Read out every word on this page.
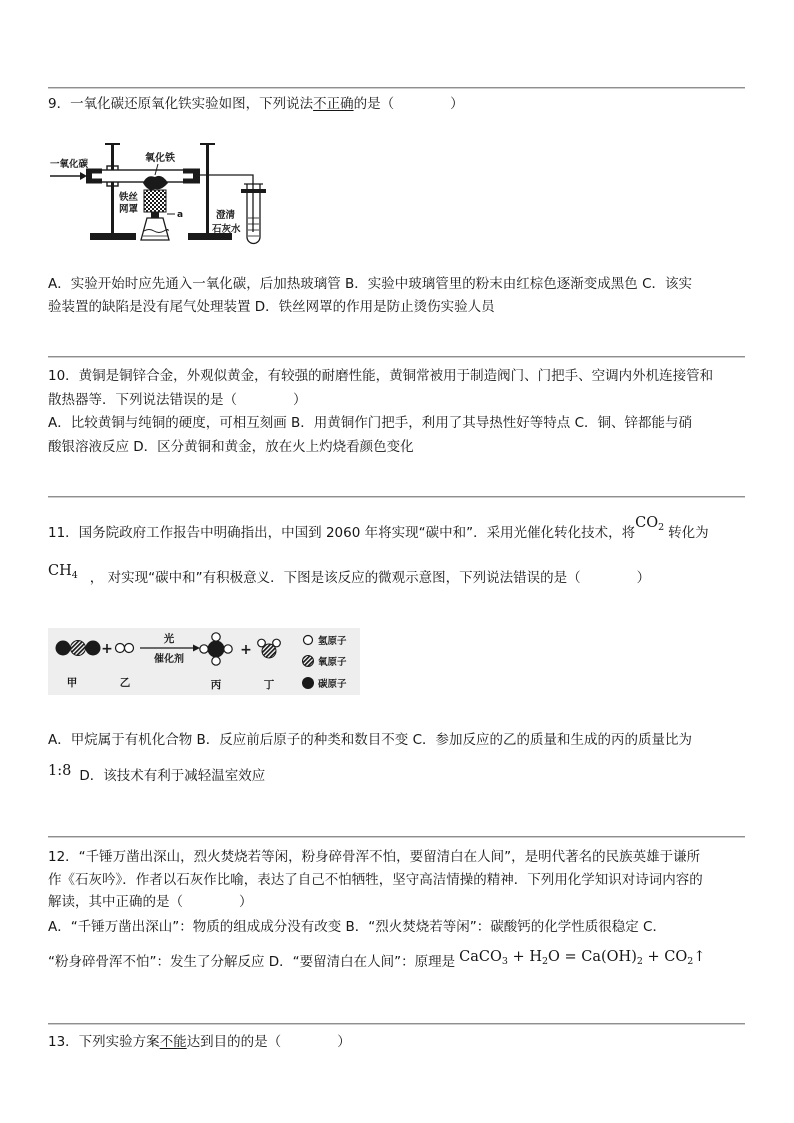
9．一氧化碳还原氧化铁实验如图，下列说法不正确的是（	）
一氧化碳
氧化铁
铁丝
网罩	a	澄清
石灰水
A．实验开始时应先通入一氧化碳，后加热玻璃管 B．实验中玻璃管里的粉末由红棕色逐渐变成黑色 C．该实
验装置的缺陷是没有尾气处理装置 D．铁丝网罩的作用是防止烫伤实验人员
10．黄铜是铜锌合金，外观似黄金，有较强的耐磨性能，黄铜常被用于制造阀门、门把手、空调内外机连接管和
散热器等．下列说法错误的是（	）
A．比较黄铜与纯铜的硬度，可相互刻画 B．用黄铜作门把手，利用了其导热性好等特点 C．铜、锌都能与硝
酸银溶液反应 D．区分黄铜和黄金，放在火上灼烧看颜色变化
11．国务院政府工作报告中明确指出，中国到 2060 年将实现“碳中和”．采用光催化转化技术，将$CO_2$ 转化为
$CH_4$ ， 对实现“碳中和”有积极意义．下图是该反应的微观示意图，下列说法错误的是（	）
+
光
催化剂
+
甲	乙	丙	丁
氢原子
氧原子
碳原子
A．甲烷属于有机化合物 B．反应前后原子的种类和数目不变 C．参加反应的乙的质量和生成的丙的质量比为
1:8 D．该技术有利于减轻温室效应
12．“千锤万凿出深山，烈火焚烧若等闲，粉身碎骨浑不怕，要留清白在人间”，是明代著名的民族英雄于谦所
作《石灰吟》．作者以石灰作比喻，表达了自己不怕牺牲，坚守高洁情操的精神．下列用化学知识对诗词内容的
解读，其中正确的是（	）
A．“千锤万凿出深山”：物质的组成成分没有改变 B．“烈火焚烧若等闲”：碳酸钙的化学性质很稳定 C．
“粉身碎骨浑不怕”：发生了分解反应 D．“要留清白在人间”：原理是 CaCO$_3$ + $H_2O = Ca(OH)_2$ + $CO_2↑$
13．下列实验方案不能达到目的的是（	）
